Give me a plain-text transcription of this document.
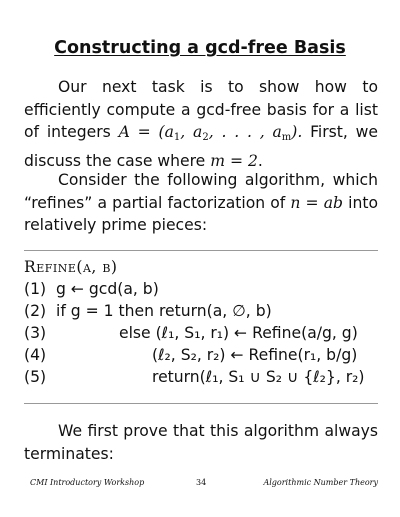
Constructing a gcd-free Basis
Our next task is to show how to efficiently compute a gcd-free basis for a list of integers $A = (a_1$, $a_2$, . . . , $a_m$). First, we discuss the case where m = 2.
Consider the following algorithm, which “refines” a partial factorization of n = ab into relatively prime pieces:
Refine(a, b)
(1) g ← gcd(a, b)
(2) if g = 1 then return(a, ∅, b)
(3)	else (ℓ₁, S₁, r₁) ← Refine(a/g, g)
(4)	(ℓ₂, S₂, r₂) ← Refine(r₁, b/g)
(5)	return(ℓ₁, S₁ ∪ S₂ ∪ {ℓ₂}, r₂)
We first prove that this algorithm always terminates:
CMI Introductory Workshop	34	Algorithmic Number Theory
